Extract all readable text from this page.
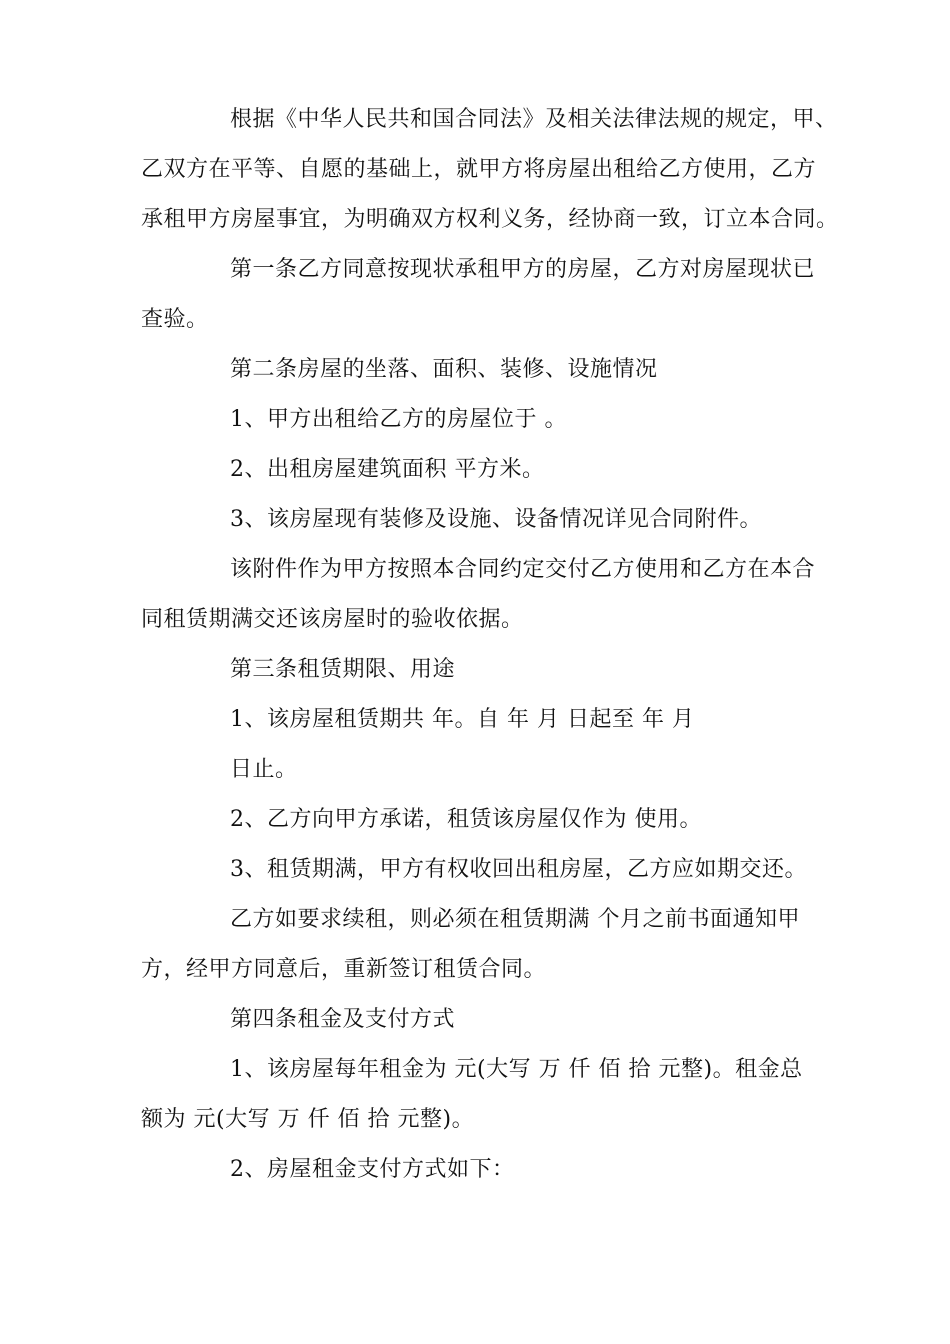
根据《中华人民共和国合同法》及相关法律法规的规定，甲、
乙双方在平等、自愿的基础上，就甲方将房屋出租给乙方使用，乙方
承租甲方房屋事宜，为明确双方权利义务，经协商一致，订立本合同。
第一条乙方同意按现状承租甲方的房屋，乙方对房屋现状已
查验。
第二条房屋的坐落、面积、装修、设施情况
1、甲方出租给乙方的房屋位于 。
2、出租房屋建筑面积 平方米。
3、该房屋现有装修及设施、设备情况详见合同附件。
该附件作为甲方按照本合同约定交付乙方使用和乙方在本合
同租赁期满交还该房屋时的验收依据。
第三条租赁期限、用途
1、该房屋租赁期共 年。自 年 月 日起至 年 月
日止。
2、乙方向甲方承诺，租赁该房屋仅作为 使用。
3、租赁期满，甲方有权收回出租房屋，乙方应如期交还。
乙方如要求续租，则必须在租赁期满 个月之前书面通知甲
方，经甲方同意后，重新签订租赁合同。
第四条租金及支付方式
1、该房屋每年租金为 元(大写 万 仟 佰 拾 元整)。租金总
额为 元(大写 万 仟 佰 拾 元整)。
2、房屋租金支付方式如下：
